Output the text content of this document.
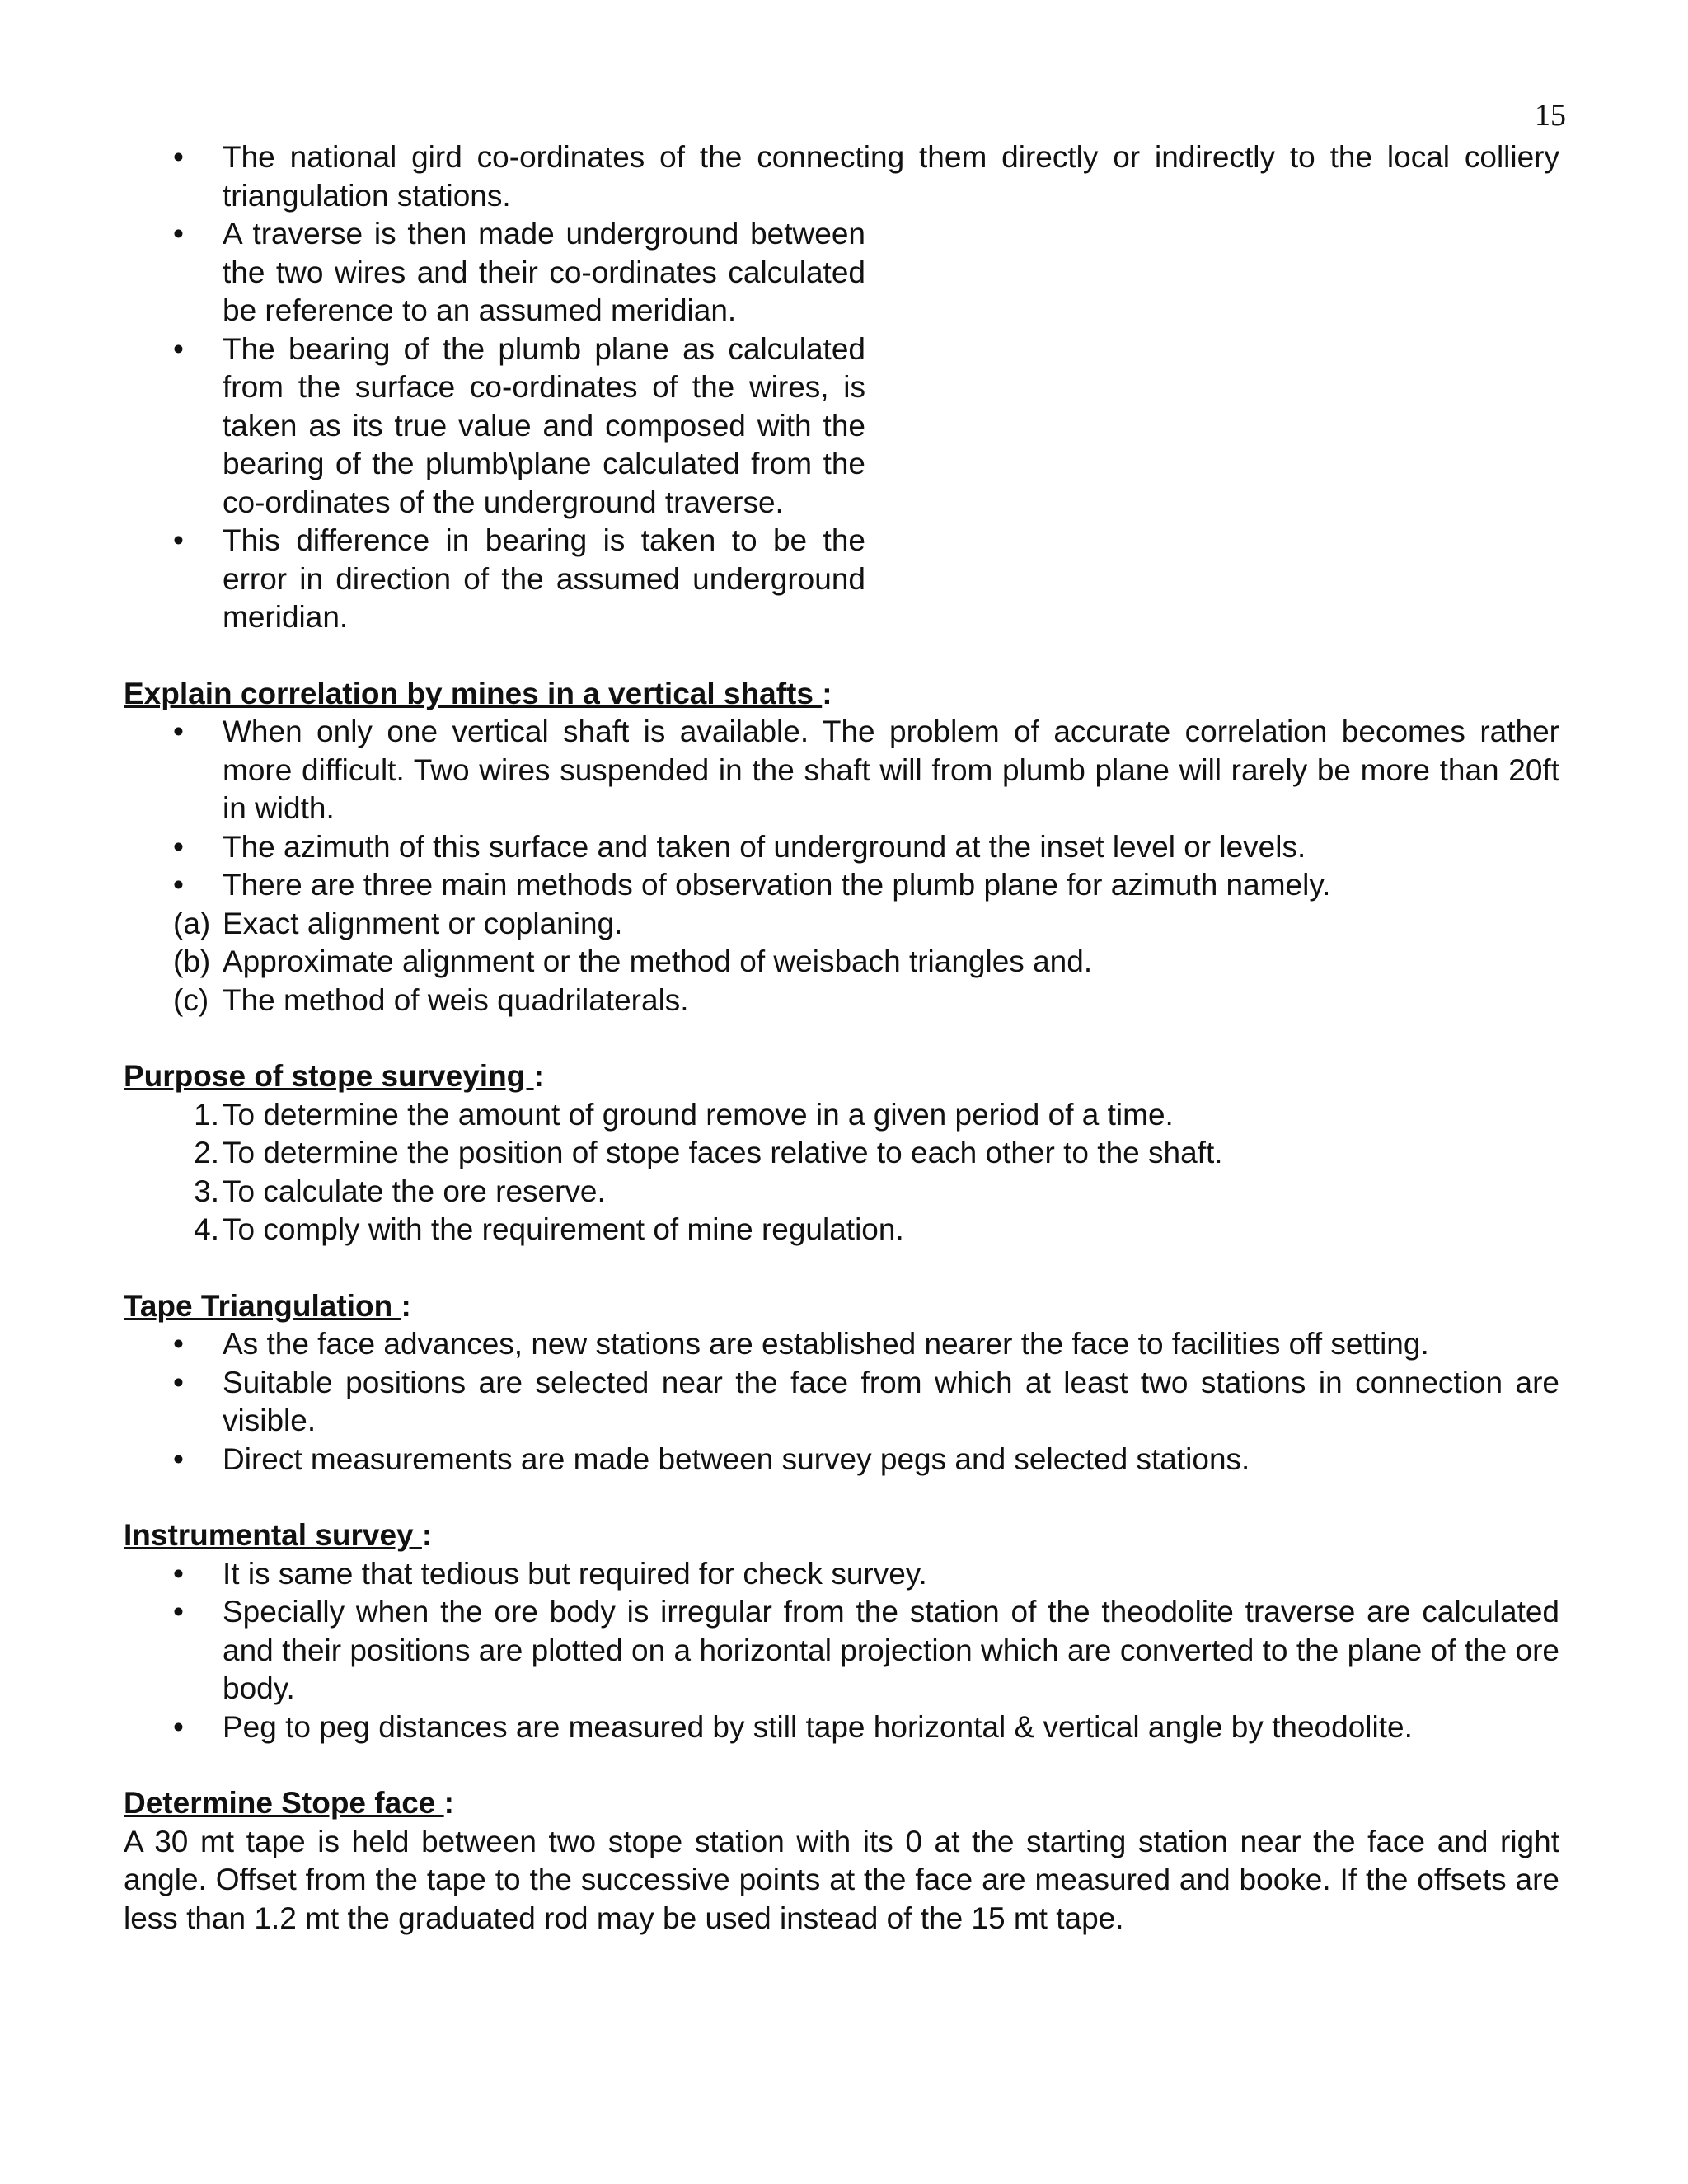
15
• The national gird co-ordinates of the connecting them directly or indirectly to the local colliery triangulation stations.
• A traverse is then made underground between the two wires and their co-ordinates calculated be reference to an assumed meridian.
• The bearing of the plumb plane as calculated from the surface co-ordinates of the wires, is taken as its true value and composed with the bearing of the plumb\plane calculated from the co-ordinates of the underground traverse.
• This difference in bearing is taken to be the error in direction of the assumed underground meridian.
Explain correlation by mines in a vertical shafts :
• When only one vertical shaft is available. The problem of accurate correlation becomes rather more difficult. Two wires suspended in the shaft will from plumb plane will rarely be more than 20ft in width.
• The azimuth of this surface and taken of underground at the inset level or levels.
• There are three main methods of observation the plumb plane for azimuth namely.
(a) Exact alignment or coplaning.
(b) Approximate alignment or the method of weisbach triangles and.
(c) The method of weis quadrilaterals.
Purpose of stope surveying :
1. To determine the amount of ground remove in a given period of a time.
2. To determine the position of stope faces relative to each other to the shaft.
3. To calculate the ore reserve.
4. To comply with the requirement of mine regulation.
Tape Triangulation :
• As the face advances, new stations are established nearer the face to facilities off setting.
• Suitable positions are selected near the face from which at least two stations in connection are visible.
• Direct measurements are made between survey pegs and selected stations.
Instrumental survey :
• It is same that tedious but required for check survey.
• Specially when the ore body is irregular from the station of the theodolite traverse are calculated and their positions are plotted on a horizontal projection which are converted to the plane of the ore body.
• Peg to peg distances are measured by still tape horizontal & vertical angle by theodolite.
Determine Stope face :

A 30 mt tape is held between two stope station with its 0 at the starting station near the face and right angle. Offset from the tape to the successive points at the face are measured and booke. If the offsets are less than 1.2 mt the graduated rod may be used instead of the 15 mt tape.
